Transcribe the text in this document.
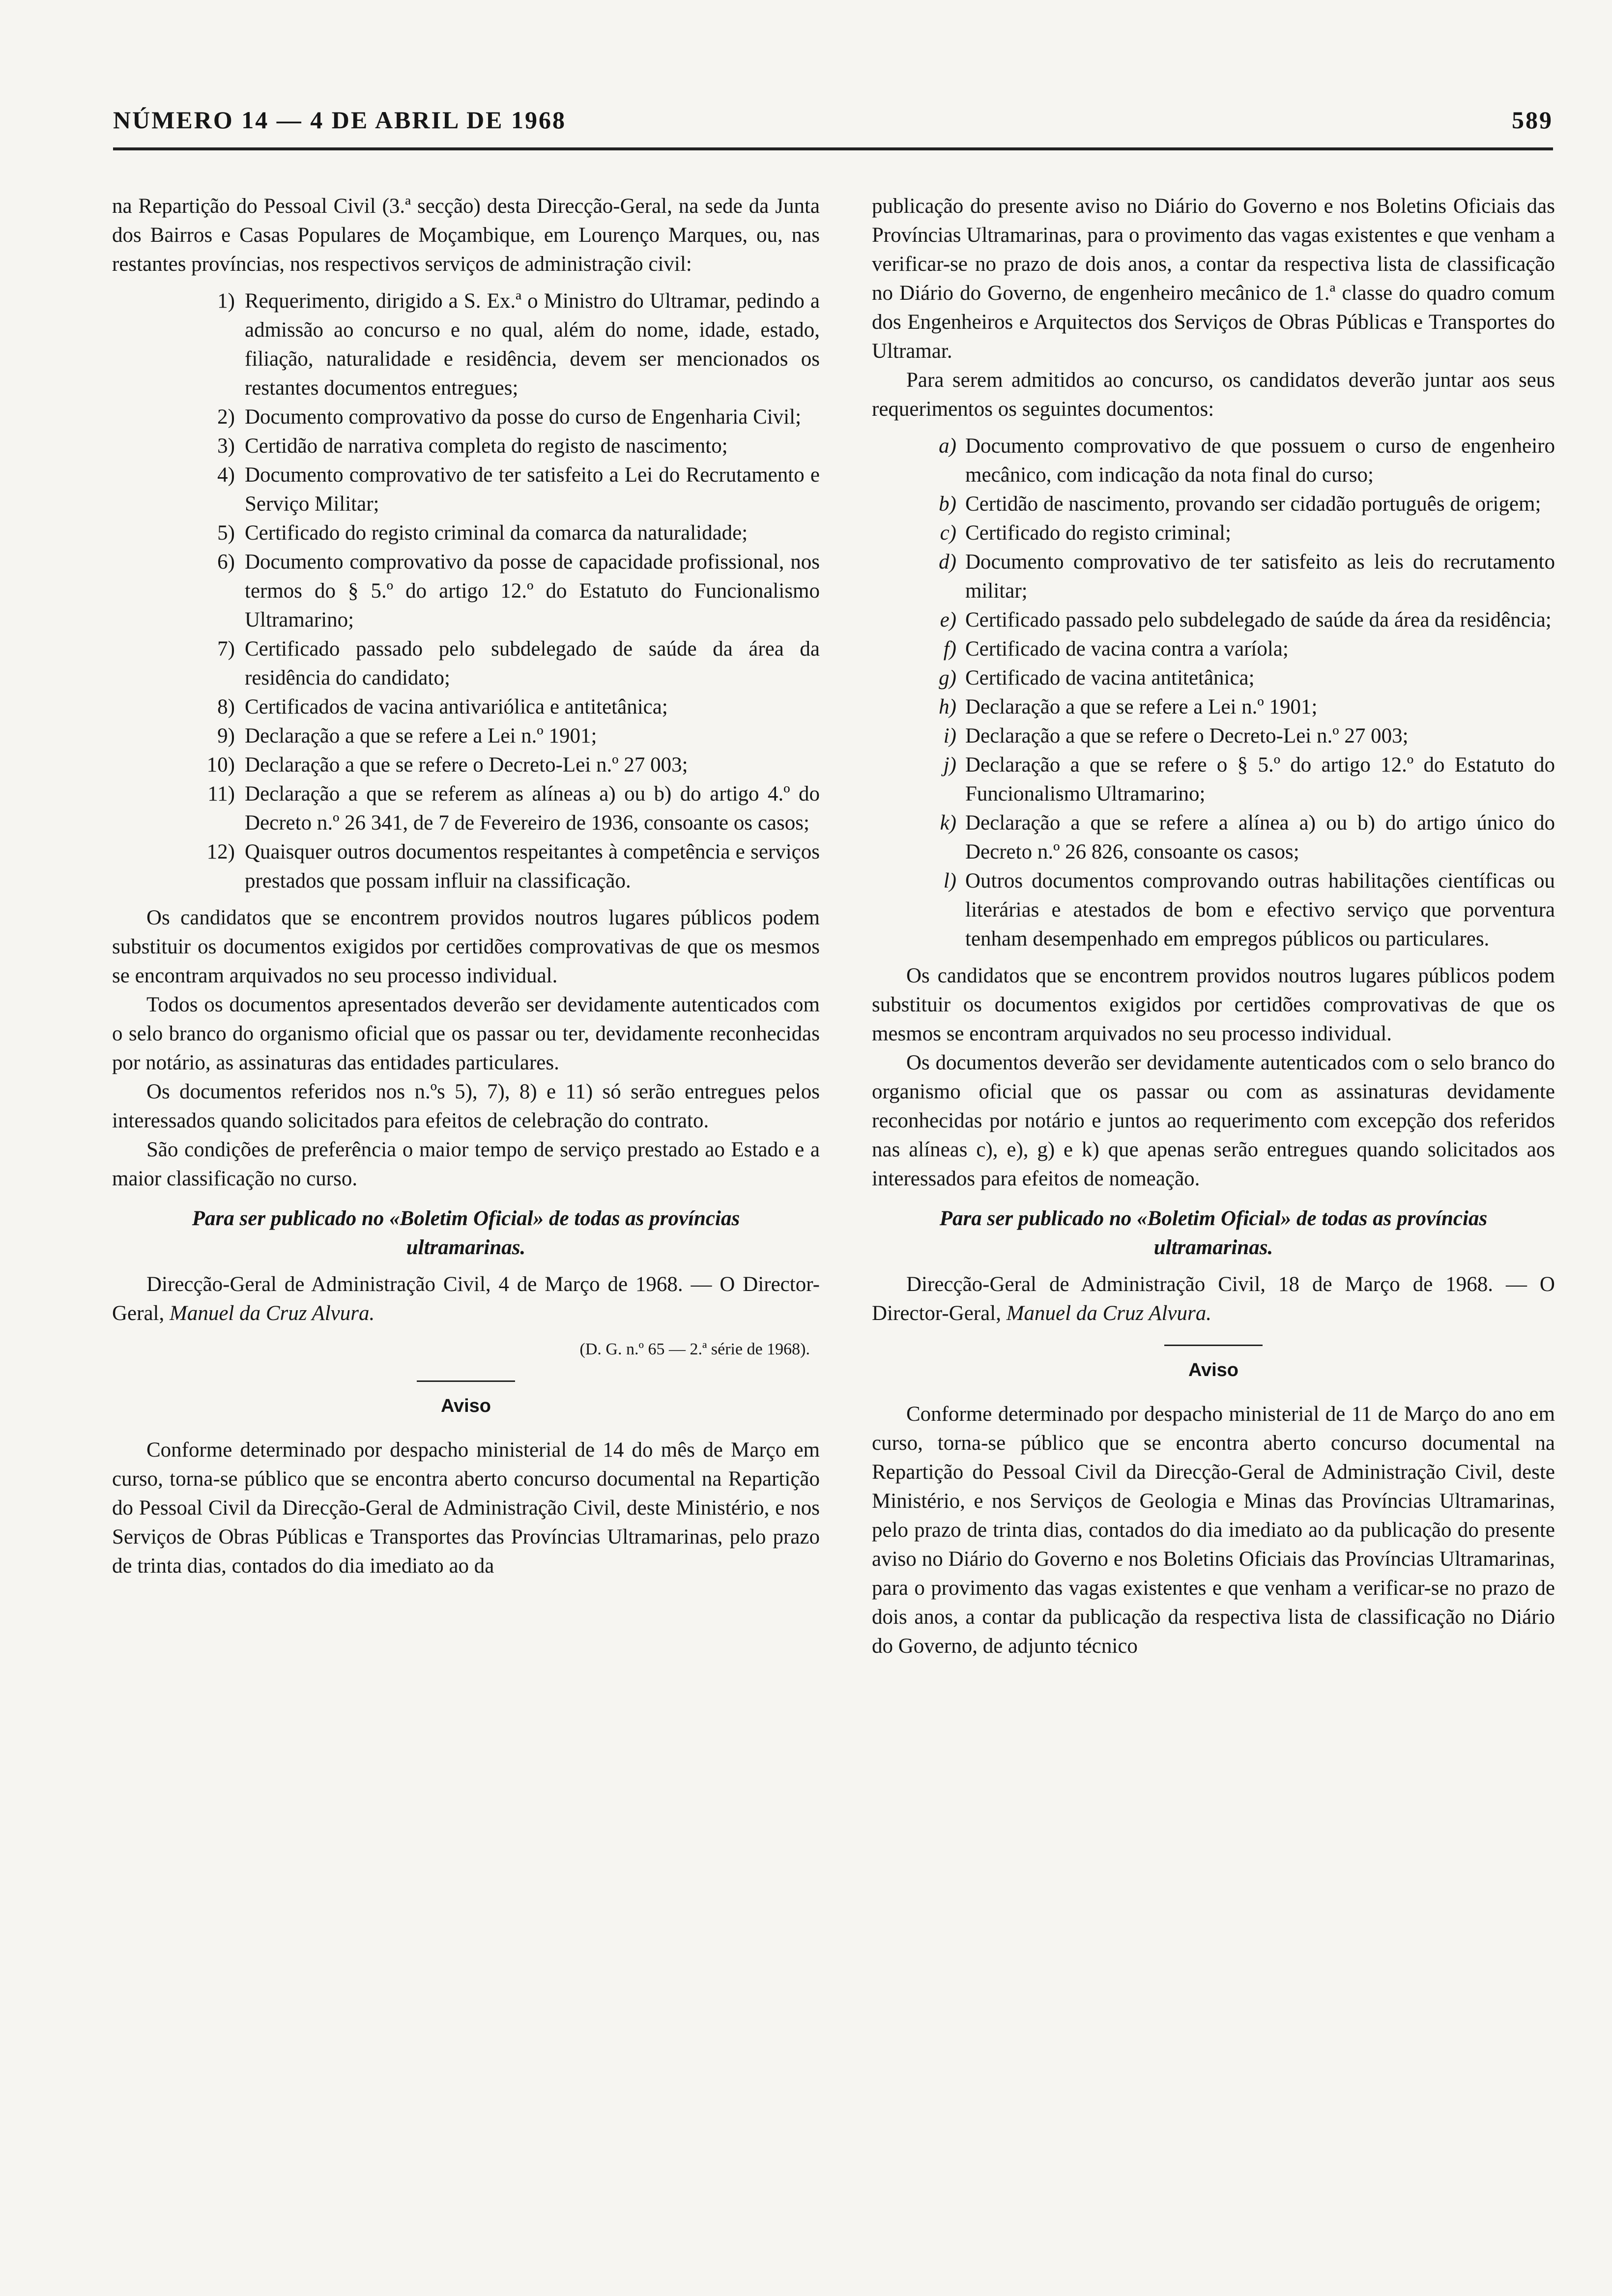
NÚMERO 14 — 4 DE ABRIL DE 1968	589

na Repartição do Pessoal Civil (3.ª secção) desta Direcção-Geral, na sede da Junta dos Bairros e Casas Populares de Moçambique, em Lourenço Marques, ou, nas restantes províncias, nos respectivos serviços de administração civil:

1) Requerimento, dirigido a S. Ex.ª o Ministro do Ultramar, pedindo a admissão ao concurso e no qual, além do nome, idade, estado, filiação, naturalidade e residência, devem ser mencionados os restantes documentos entregues;
2) Documento comprovativo da posse do curso de Engenharia Civil;
3) Certidão de narrativa completa do registo de nascimento;
4) Documento comprovativo de ter satisfeito a Lei do Recrutamento e Serviço Militar;
5) Certificado do registo criminal da comarca da naturalidade;
6) Documento comprovativo da posse de capacidade profissional, nos termos do § 5.º do artigo 12.º do Estatuto do Funcionalismo Ultramarino;
7) Certificado passado pelo subdelegado de saúde da área da residência do candidato;
8) Certificados de vacina antivariólica e antitetânica;
9) Declaração a que se refere a Lei n.º 1901;
10) Declaração a que se refere o Decreto-Lei n.º 27 003;
11) Declaração a que se referem as alíneas a) ou b) do artigo 4.º do Decreto n.º 26 341, de 7 de Fevereiro de 1936, consoante os casos;
12) Quaisquer outros documentos respeitantes à competência e serviços prestados que possam influir na classificação.

Os candidatos que se encontrem providos noutros lugares públicos podem substituir os documentos exigidos por certidões comprovativas de que os mesmos se encontram arquivados no seu processo individual.

Todos os documentos apresentados deverão ser devidamente autenticados com o selo branco do organismo oficial que os passar ou ter, devidamente reconhecidas por notário, as assinaturas das entidades particulares.

Os documentos referidos nos n.ºs 5), 7), 8) e 11) só serão entregues pelos interessados quando solicitados para efeitos de celebração do contrato.

São condições de preferência o maior tempo de serviço prestado ao Estado e a maior classificação no curso.

Para ser publicado no «Boletim Oficial» de todas as províncias ultramarinas.

Direcção-Geral de Administração Civil, 4 de Março de 1968. — O Director-Geral, Manuel da Cruz Alvura.

(D. G. n.º 65 — 2.ª série de 1968).

Aviso

Conforme determinado por despacho ministerial de 14 do mês de Março em curso, torna-se público que se encontra aberto concurso documental na Repartição do Pessoal Civil da Direcção-Geral de Administração Civil, deste Ministério, e nos Serviços de Obras Públicas e Transportes das Províncias Ultramarinas, pelo prazo de trinta dias, contados do dia imediato ao da

publicação do presente aviso no Diário do Governo e nos Boletins Oficiais das Províncias Ultramarinas, para o provimento das vagas existentes e que venham a verificar-se no prazo de dois anos, a contar da respectiva lista de classificação no Diário do Governo, de engenheiro mecânico de 1.ª classe do quadro comum dos Engenheiros e Arquitectos dos Serviços de Obras Públicas e Transportes do Ultramar.

Para serem admitidos ao concurso, os candidatos deverão juntar aos seus requerimentos os seguintes documentos:

a) Documento comprovativo de que possuem o curso de engenheiro mecânico, com indicação da nota final do curso;
b) Certidão de nascimento, provando ser cidadão português de origem;
c) Certificado do registo criminal;
d) Documento comprovativo de ter satisfeito as leis do recrutamento militar;
e) Certificado passado pelo subdelegado de saúde da área da residência;
f) Certificado de vacina contra a varíola;
g) Certificado de vacina antitetânica;
h) Declaração a que se refere a Lei n.º 1901;
i) Declaração a que se refere o Decreto-Lei n.º 27 003;
j) Declaração a que se refere o § 5.º do artigo 12.º do Estatuto do Funcionalismo Ultramarino;
k) Declaração a que se refere a alínea a) ou b) do artigo único do Decreto n.º 26 826, consoante os casos;
l) Outros documentos comprovando outras habilitações científicas ou literárias e atestados de bom e efectivo serviço que porventura tenham desempenhado em empregos públicos ou particulares.

Os candidatos que se encontrem providos noutros lugares públicos podem substituir os documentos exigidos por certidões comprovativas de que os mesmos se encontram arquivados no seu processo individual.

Os documentos deverão ser devidamente autenticados com o selo branco do organismo oficial que os passar ou com as assinaturas devidamente reconhecidas por notário e juntos ao requerimento com excepção dos referidos nas alíneas c), e), g) e k) que apenas serão entregues quando solicitados aos interessados para efeitos de nomeação.

Para ser publicado no «Boletim Oficial» de todas as províncias ultramarinas.

Direcção-Geral de Administração Civil, 18 de Março de 1968. — O Director-Geral, Manuel da Cruz Alvura.

Aviso

Conforme determinado por despacho ministerial de 11 de Março do ano em curso, torna-se público que se encontra aberto concurso documental na Repartição do Pessoal Civil da Direcção-Geral de Administração Civil, deste Ministério, e nos Serviços de Geologia e Minas das Províncias Ultramarinas, pelo prazo de trinta dias, contados do dia imediato ao da publicação do presente aviso no Diário do Governo e nos Boletins Oficiais das Províncias Ultramarinas, para o provimento das vagas existentes e que venham a verificar-se no prazo de dois anos, a contar da publicação da respectiva lista de classificação no Diário do Governo, de adjunto técnico
